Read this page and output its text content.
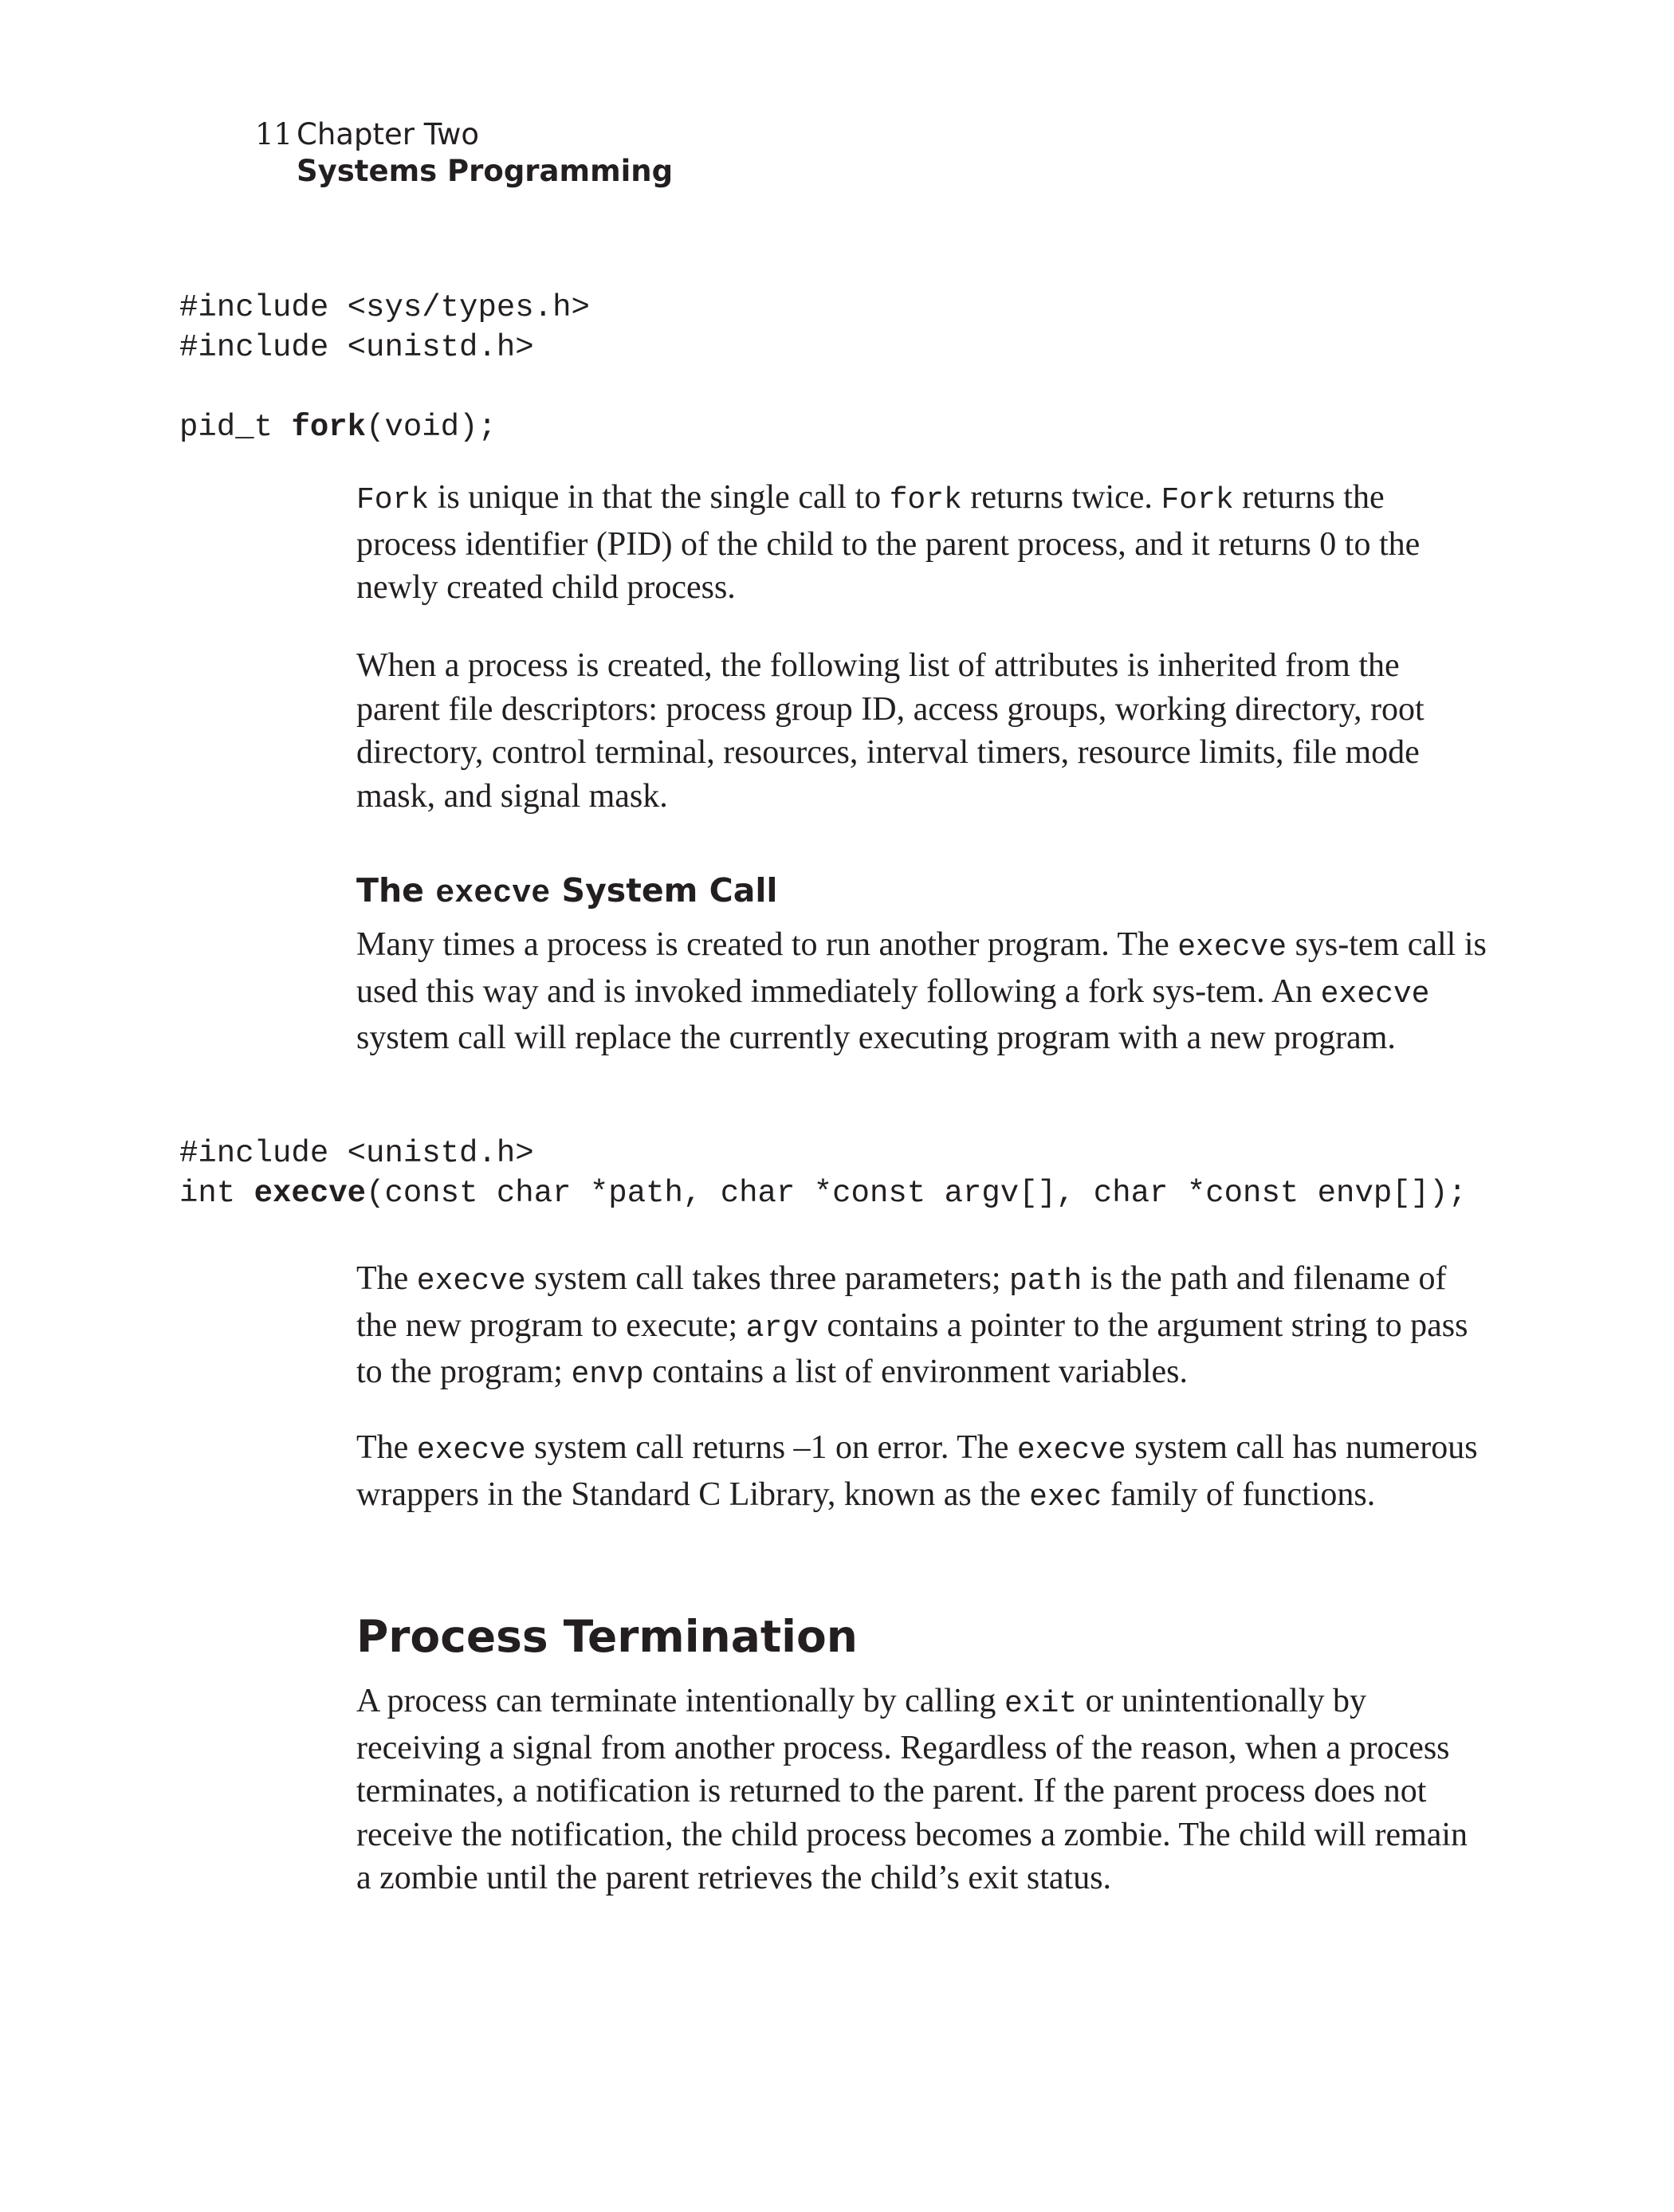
11 Chapter Two
Systems Programming
#include <sys/types.h>
#include <unistd.h>

pid_t fork(void);

Fork is unique in that the single call to fork returns twice. Fork returns the process identifier (PID) of the child to the parent process, and it returns 0 to the newly created child process.

When a process is created, the following list of attributes is inherited from the parent file descriptors: process group ID, access groups, working directory, root directory, control terminal, resources, interval timers, resource limits, file mode mask, and signal mask.

The execve System Call

Many times a process is created to run another program. The execve sys-tem call is used this way and is invoked immediately following a fork sys-tem. An execve system call will replace the currently executing program with a new program.

#include <unistd.h>
int execve(const char *path, char *const argv[], char *const envp[]);

The execve system call takes three parameters; path is the path and filename of the new program to execute; argv contains a pointer to the argument string to pass to the program; envp contains a list of environment variables.

The execve system call returns –1 on error. The execve system call has numerous wrappers in the Standard C Library, known as the exec family of functions.

Process Termination

A process can terminate intentionally by calling exit or unintentionally by receiving a signal from another process. Regardless of the reason, when a process terminates, a notification is returned to the parent. If the parent process does not receive the notification, the child process becomes a zombie. The child will remain a zombie until the parent retrieves the child’s exit status.
